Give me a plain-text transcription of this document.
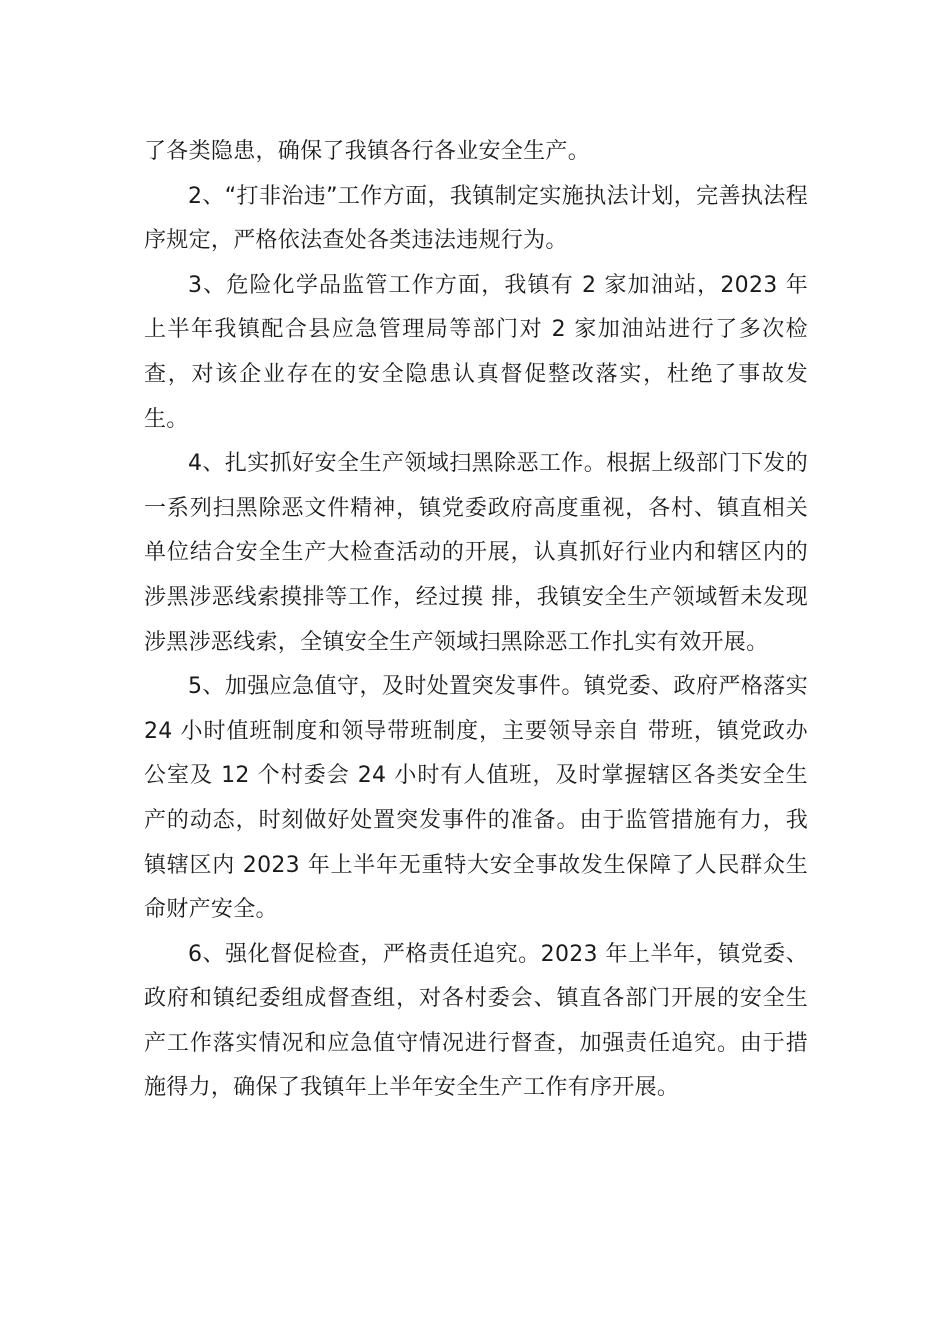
了各类隐患，确保了我镇各行各业安全生产。

2、“打非治违”工作方面，我镇制定实施执法计划，完善执法程序规定，严格依法查处各类违法违规行为。

3、危险化学品监管工作方面，我镇有 2 家加油站，2023 年上半年我镇配合县应急管理局等部门对 2 家加油站进行了多次检查，对该企业存在的安全隐患认真督促整改落实，杜绝了事故发生。

4、扎实抓好安全生产领域扫黑除恶工作。根据上级部门下发的一系列扫黑除恶文件精神，镇党委政府高度重视，各村、镇直相关单位结合安全生产大检查活动的开展，认真抓好行业内和辖区内的涉黑涉恶线索摸排等工作，经过摸 排，我镇安全生产领域暂未发现涉黑涉恶线索，全镇安全生产领域扫黑除恶工作扎实有效开展。

5、加强应急值守，及时处置突发事件。镇党委、政府严格落实 24 小时值班制度和领导带班制度，主要领导亲自 带班，镇党政办公室及 12 个村委会 24 小时有人值班，及时掌握辖区各类安全生产的动态，时刻做好处置突发事件的准备。由于监管措施有力，我镇辖区内 2023 年上半年无重特大安全事故发生保障了人民群众生命财产安全。

6、强化督促检查，严格责任追究。2023 年上半年，镇党委、政府和镇纪委组成督查组，对各村委会、镇直各部门开展的安全生产工作落实情况和应急值守情况进行督查，加强责任追究。由于措施得力，确保了我镇年上半年安全生产工作有序开展。
